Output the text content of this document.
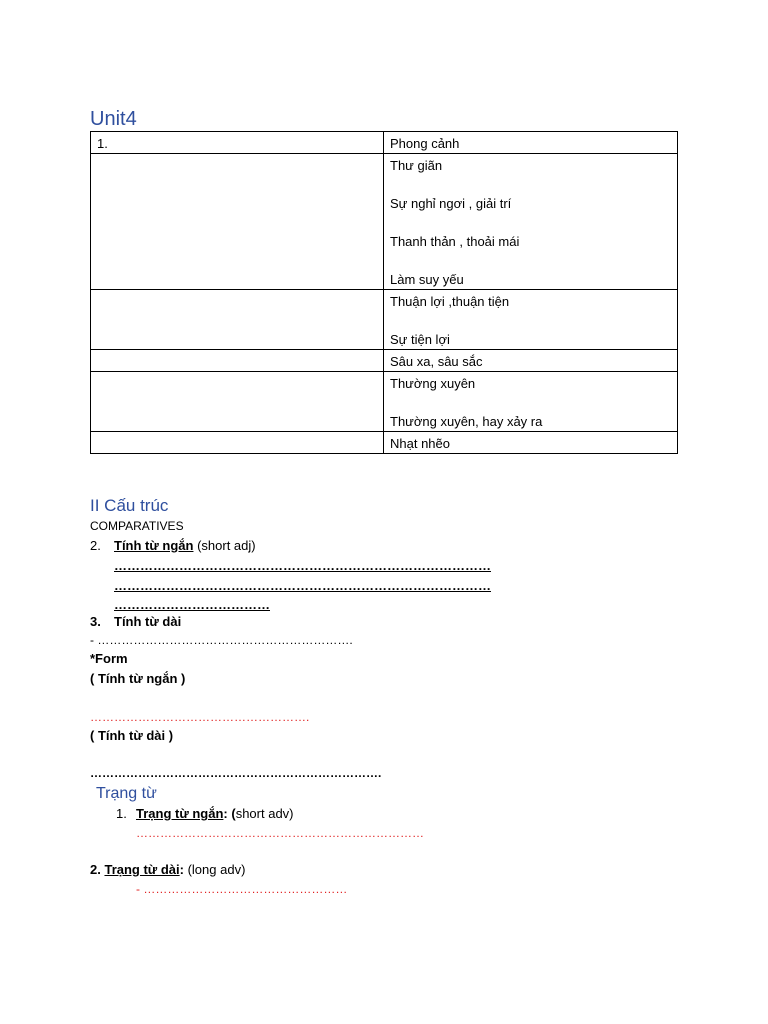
Unit4
1.	Phong cảnh

	Thư giãn
Sự nghỉ ngơi , giải trí
Thanh thản , thoải mái
Làm suy yếu

	Thuận lợi ,thuận tiện
Sự tiện lợi

	Sâu xa, sâu sắc

	Thường xuyên
Thường xuyên, hay xảy ra

	Nhạt nhẽo
II Cấu trúc
COMPARATIVES
2. Tính từ ngắn (short adj)
……………………………………………………………………………
……………………………………………………………………………
………………………………
3. Tính từ dài
- ……………………………………………………….
*Form
( Tính từ ngắn )
……………………………………………….
( Tính từ dài )
……………………………………………………………….
Trạng từ
1. Trạng từ ngắn: (short adv)
………………………………………………………………
2. Trạng từ dài: (long adv)
- ……………………………………………
